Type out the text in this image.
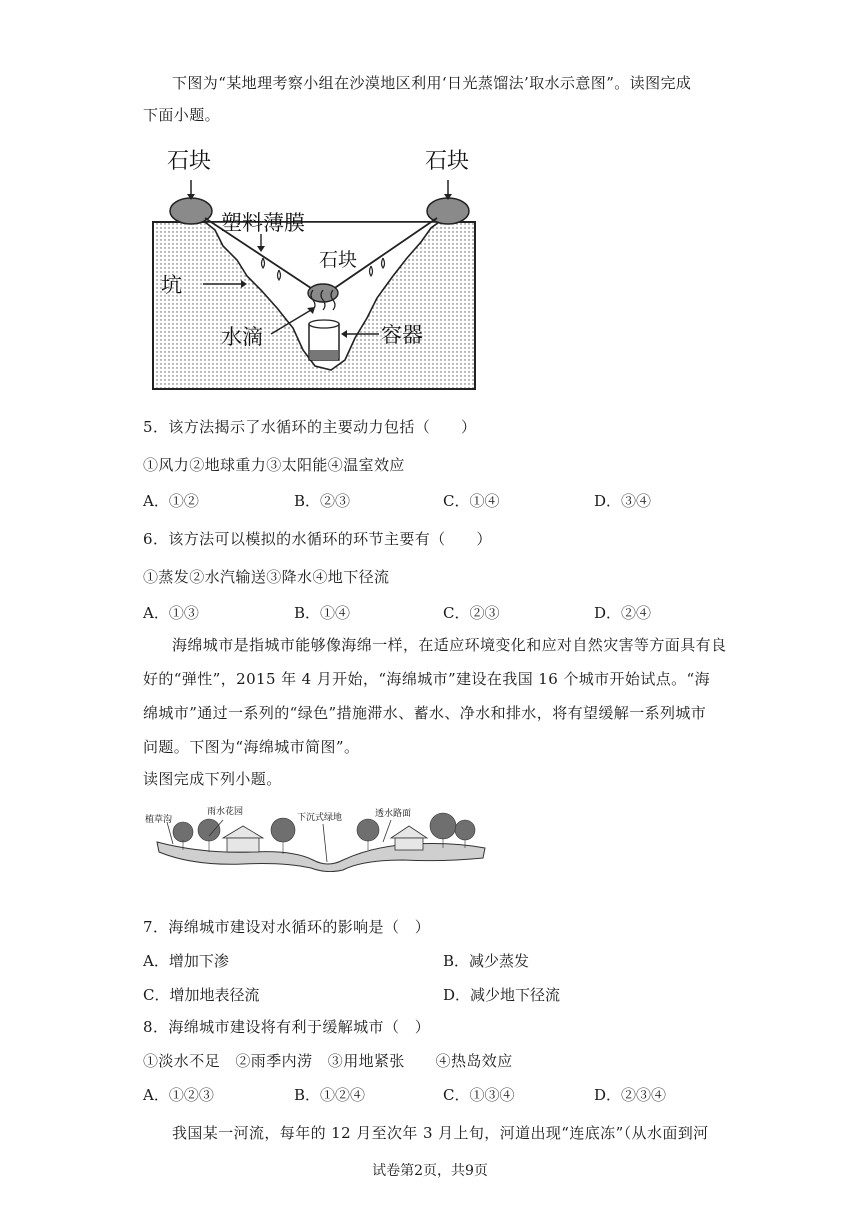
下图为“某地理考察小组在沙漠地区利用‘日光蒸馏法’取水示意图”。读图完成
下面小题。
石块	石块
塑料薄膜
坑
石块
水滴	容器
5．该方法揭示了水循环的主要动力包括（　　）
①风力②地球重力③太阳能④温室效应
A．①②	B．②③	C．①④	D．③④
6．该方法可以模拟的水循环的环节主要有（　　）
①蒸发②水汽输送③降水④地下径流
A．①③	B．①④	C．②③	D．②④
海绵城市是指城市能够像海绵一样，在适应环境变化和应对自然灾害等方面具有良
好的“弹性”，2015 年 4 月开始，“海绵城市”建设在我国 16 个城市开始试点。“海
绵城市”通过一系列的“绿色”措施滞水、蓄水、净水和排水，将有望缓解一系列城市
问题。下图为“海绵城市简图”。
读图完成下列小题。
植草沟
雨水花园
下沉式绿地	透水路面
7．海绵城市建设对水循环的影响是（　）
A．增加下渗	B．减少蒸发
C．增加地表径流	D．减少地下径流
8．海绵城市建设将有利于缓解城市（　）
①淡水不足　②雨季内涝　③用地紧张　　④热岛效应
A．①②③	B．①②④	C．①③④	D．②③④
我国某一河流，每年的 12 月至次年 3 月上旬，河道出现“连底冻”（从水面到河
试卷第2页，共9页
